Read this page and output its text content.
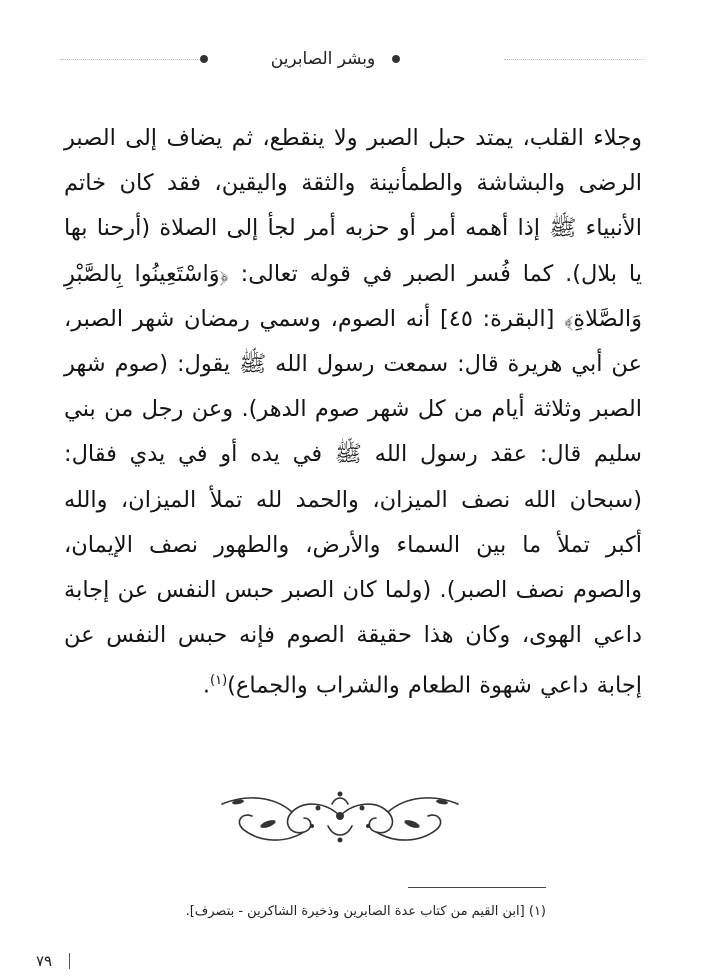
وبشر الصابرين

وجلاء القلب، يمتد حبل الصبر ولا ينقطع، ثم يضاف إلى الصبر الرضى والبشاشة والطمأنينة والثقة واليقين، فقد كان خاتم الأنبياء ﷺ إذا أهمه أمر أو حزبه أمر لجأ إلى الصلاة (أرحنا بها يا بلال). كما فُسر الصبر في قوله تعالى: ﴿وَاسْتَعِينُوا بِالصَّبْرِ وَالصَّلاةِ﴾ [البقرة: ٤٥] أنه الصوم، وسمي رمضان شهر الصبر، عن أبي هريرة قال: سمعت رسول الله ﷺ يقول: (صوم شهر الصبر وثلاثة أيام من كل شهر صوم الدهر). وعن رجل من بني سليم قال: عقد رسول الله ﷺ في يده أو في يدي فقال: (سبحان الله نصف الميزان، والحمد لله تملأ الميزان، والله أكبر تملأ ما بين السماء والأرض، والطهور نصف الإيمان، والصوم نصف الصبر). (ولما كان الصبر حبس النفس عن إجابة داعي الهوى، وكان هذا حقيقة الصوم فإنه حبس النفس عن إجابة داعي شهوة الطعام والشراب والجماع)$^{(١)}$.

(١) [ابن القيم من كتاب عدة الصابرين وذخيرة الشاكرين - بتصرف].

٧٩
